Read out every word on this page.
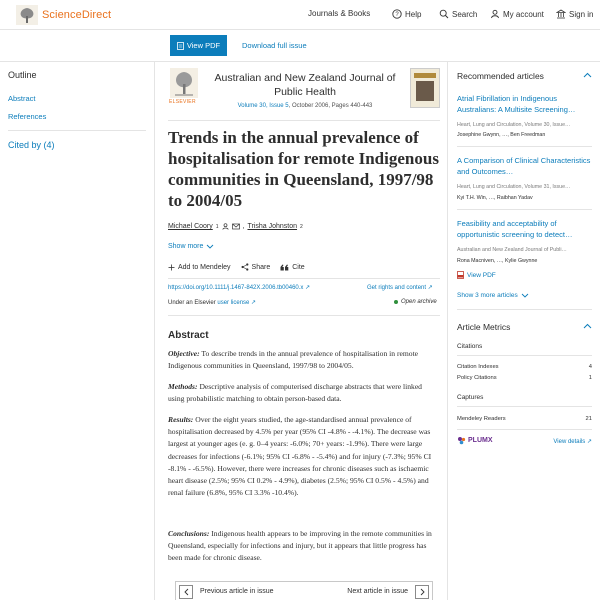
ScienceDirect	Journals & Books	? Help	Search	My account	Sign in
View PDF	Download full issue
Outline
Abstract
References
Cited by (4)
ELSEVIER
Australian and New Zealand Journal of Public Health
Volume 30, Issue 5, October 2006, Pages 440-443
Trends in the annual prevalence of hospitalisation for remote Indigenous communities in Queensland, 1997/98 to 2004/05
Michael Coory 1	, Trisha Johnston 2
Show more
Add to Mendeley	Share	Cite
https://doi.org/10.1111/j.1467-842X.2006.tb00460.x ↗	Get rights and content ↗
Under an Elsevier user license ↗	Open archive
Abstract

Objective: To describe trends in the annual prevalence of hospitalisation in remote Indigenous communities in Queensland, 1997/98 to 2004/05.

Methods: Descriptive analysis of computerised discharge abstracts that were linked using probabilistic matching to obtain person-based data.

Results: Over the eight years studied, the age-standardised annual prevalence of hospitalisation decreased by 4.5% per year (95% CI -4.8% - -4.1%). The decrease was largest at younger ages (e. g. 0–4 years: -6.0%; 70+ years: -1.9%). There were large decreases for infections (-6.1%; 95% CI -6.8% - -5.4%) and for injury (-7.3%; 95% CI -8.1% - -6.5%). However, there were increases for chronic diseases such as ischaemic heart disease (2.5%; 95% CI 0.2% - 4.9%), diabetes (2.5%; 95% CI 0.5% - 4.5%) and renal failure (6.8%, 95% CI 3.3% -10.4%).

Conclusions: Indigenous health appears to be improving in the remote communities in Queensland, especially for infections and injury, but it appears that little progress has been made for chronic disease.

Previous article in issue	Next article in issue
Recommended articles
Atrial Fibrillation in Indigenous Australians: A Multisite Screening…
Heart, Lung and Circulation, Volume 30, Issue…
Josephine Gwynn, …, Ben Freedman
A Comparison of Clinical Characteristics and Outcomes…
Heart, Lung and Circulation, Volume 31, Issue…
Kyi T.H. Win, …, Raibhan Yadav
Feasibility and acceptability of opportunistic screening to detect…
Australian and New Zealand Journal of Publi…
Rona Macniven, …, Kylie Gwynne
View PDF
Show 3 more articles
Article Metrics
Citations
Citation Indexes	4
Policy Citations	1
Captures
Mendeley Readers	21
PLUMX	View details ↗
